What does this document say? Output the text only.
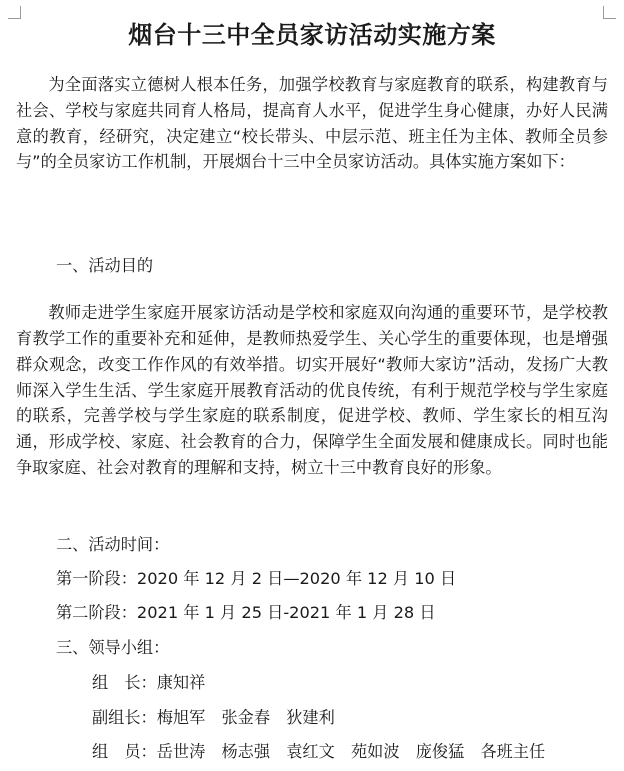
烟台十三中全员家访活动实施方案

为全面落实立德树人根本任务，加强学校教育与家庭教育的联系，构建教育与社会、学校与家庭共同育人格局，提高育人水平，促进学生身心健康，办好人民满意的教育，经研究，决定建立“校长带头、中层示范、班主任为主体、教师全员参与”的全员家访工作机制，开展烟台十三中全员家访活动。具体实施方案如下：

一、活动目的

教师走进学生家庭开展家访活动是学校和家庭双向沟通的重要环节，是学校教育教学工作的重要补充和延伸，是教师热爱学生、关心学生的重要体现，也是增强群众观念，改变工作作风的有效举措。切实开展好“教师大家访”活动，发扬广大教师深入学生生活、学生家庭开展教育活动的优良传统，有利于规范学校与学生家庭的联系，完善学校与学生家庭的联系制度，促进学校、教师、学生家长的相互沟通，形成学校、家庭、社会教育的合力，保障学生全面发展和健康成长。同时也能争取家庭、社会对教育的理解和支持，树立十三中教育良好的形象。

二、活动时间：
第一阶段：2020 年 12 月 2 日—2020 年 12 月 10 日
第二阶段：2021 年 1 月 25 日-2021 年 1 月 28 日
三、领导小组：
组　长：康知祥
副组长：梅旭军　张金春　狄建利
组　员：岳世涛　杨志强　袁红文　苑如波　庞俊猛　各班主任
